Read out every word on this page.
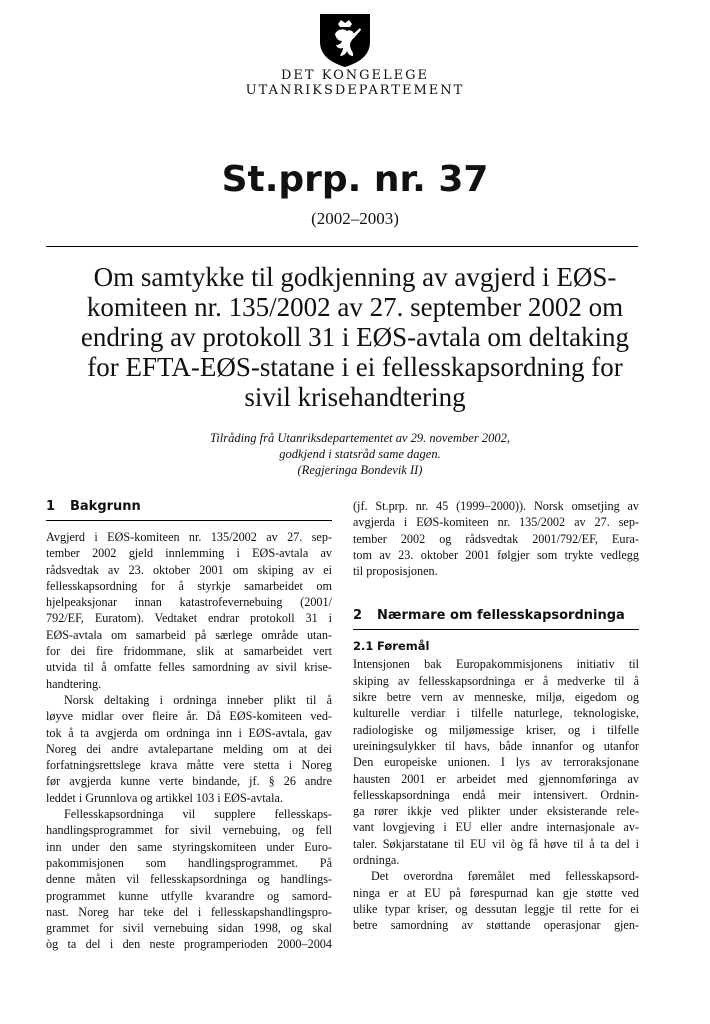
DET KONGELEGE
UTANRIKSDEPARTEMENT
St.prp. nr. 37
(2002–2003)
Om samtykke til godkjenning av avgjerd i EØS-
komiteen nr. 135/2002 av 27. september 2002 om
endring av protokoll 31 i EØS-avtala om deltaking
for EFTA-EØS-statane i ei fellesskapsordning for
sivil krisehandtering
Tilråding frå Utanriksdepartementet av 29. november 2002,
godkjend i statsråd same dagen.
(Regjeringa Bondevik II)
1 Bakgrunn
Avgjerd i EØS-komiteen nr. 135/2002 av 27. sep-
tember 2002 gjeld innlemming i EØS-avtala av
rådsvedtak av 23. oktober 2001 om skiping av ei
fellesskapsordning for å styrkje samarbeidet om
hjelpeaksjonar innan katastrofevernebuing (2001/
792/EF, Euratom). Vedtaket endrar protokoll 31 i
EØS-avtala om samarbeid på særlege område utan-
for dei fire fridommane, slik at samarbeidet vert
utvida til å omfatte felles samordning av sivil krise-
handtering.
Norsk deltaking i ordninga inneber plikt til å
løyve midlar over fleire år. Då EØS-komiteen ved-
tok å ta avgjerda om ordninga inn i EØS-avtala, gav
Noreg dei andre avtalepartane melding om at dei
forfatningsrettslege krava måtte vere stetta i Noreg
før avgjerda kunne verte bindande, jf. § 26 andre
leddet i Grunnlova og artikkel 103 i EØS-avtala.
Fellesskapsordninga vil supplere fellesskaps-
handlingsprogrammet for sivil vernebuing, og fell
inn under den same styringskomiteen under Euro-
pakommisjonen som handlingsprogrammet. På
denne måten vil fellesskapsordninga og handlings-
programmet kunne utfylle kvarandre og samord-
nast. Noreg har teke del i fellesskapshandlingspro-
grammet for sivil vernebuing sidan 1998, og skal
òg ta del i den neste programperioden 2000–2004
(jf. St.prp. nr. 45 (1999–2000)). Norsk omsetjing av
avgjerda i EØS-komiteen nr. 135/2002 av 27. sep-
tember 2002 og rådsvedtak 2001/792/EF, Eura-
tom av 23. oktober 2001 følgjer som trykte vedlegg
til proposisjonen.
2 Nærmare om fellesskapsordninga
2.1 Føremål
Intensjonen bak Europakommisjonens initiativ til
skiping av fellesskapsordninga er å medverke til å
sikre betre vern av menneske, miljø, eigedom og
kulturelle verdiar i tilfelle naturlege, teknologiske,
radiologiske og miljømessige kriser, og i tilfelle
ureiningsulykker til havs, både innanfor og utanfor
Den europeiske unionen. I lys av terroraksjonane
hausten 2001 er arbeidet med gjennomføringa av
fellesskapsordninga endå meir intensivert. Ordnin-
ga rører ikkje ved plikter under eksisterande rele-
vant lovgjeving i EU eller andre internasjonale av-
taler. Søkjarstatane til EU vil òg få høve til å ta del i
ordninga.
Det overordna føremålet med fellesskapsord-
ninga er at EU på førespurnad kan gje støtte ved
ulike typar kriser, og dessutan leggje til rette for ei
betre samordning av støttande operasjonar gjen-
